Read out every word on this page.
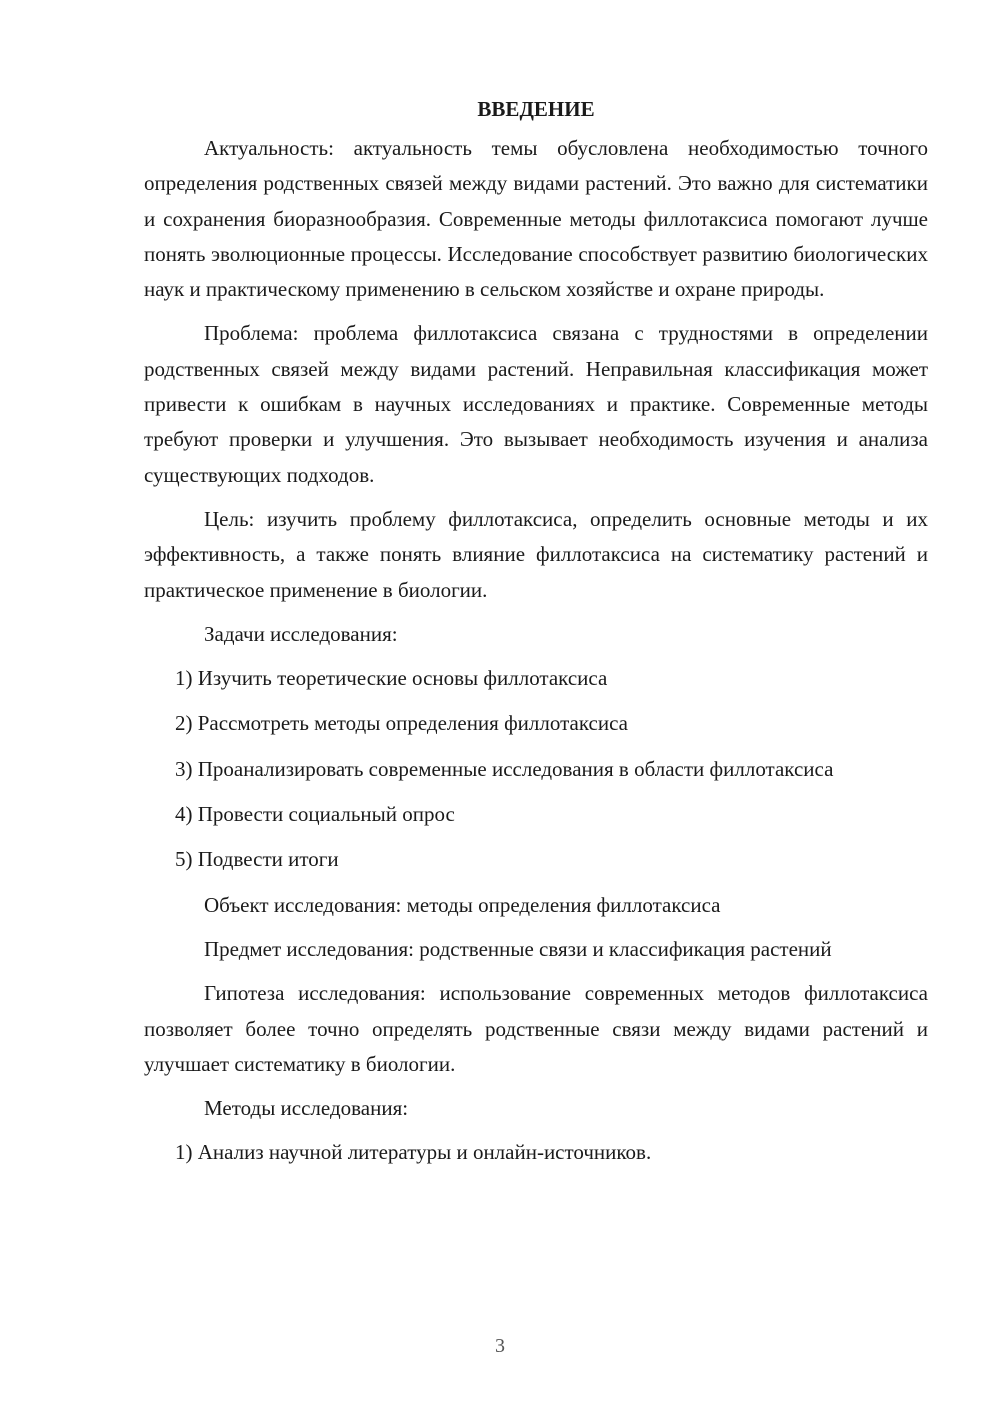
ВВЕДЕНИЕ

Актуальность: актуальность темы обусловлена необходимостью точного определения родственных связей между видами растений. Это важно для систематики и сохранения биоразнообразия. Современные методы филлотаксиса помогают лучше понять эволюционные процессы. Исследование способствует развитию биологических наук и практическому применению в сельском хозяйстве и охране природы.

Проблема: проблема филлотаксиса связана с трудностями в определении родственных связей между видами растений. Неправильная классификация может привести к ошибкам в научных исследованиях и практике. Современные методы требуют проверки и улучшения. Это вызывает необходимость изучения и анализа существующих подходов.

Цель: изучить проблему филлотаксиса, определить основные методы и их эффективность, а также понять влияние филлотаксиса на систематику растений и практическое применение в биологии.

Задачи исследования:

1) Изучить теоретические основы филлотаксиса

2) Рассмотреть методы определения филлотаксиса

3) Проанализировать современные исследования в области филлотаксиса

4) Провести социальный опрос

5) Подвести итоги

Объект исследования: методы определения филлотаксиса

Предмет исследования: родственные связи и классификация растений

Гипотеза исследования: использование современных методов филлотаксиса позволяет более точно определять родственные связи между видами растений и улучшает систематику в биологии.

Методы исследования:

1) Анализ научной литературы и онлайн-источников.

3
